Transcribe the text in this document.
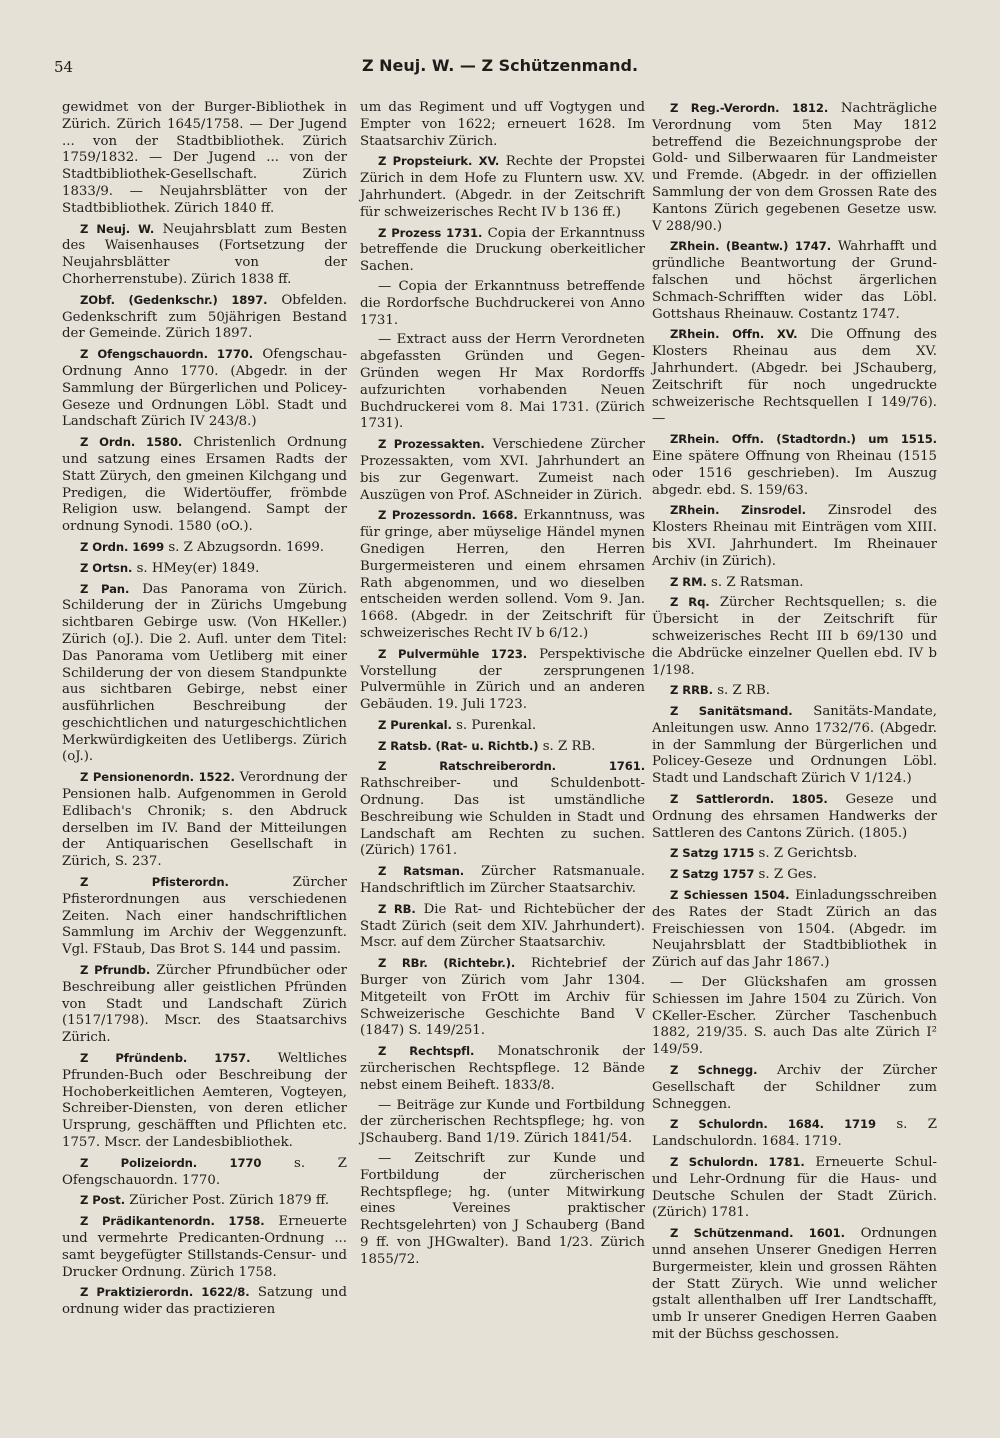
54	Z Neuj. W. — Z Schützenmand.

gewidmet von der Burger-Bibliothek in Zürich. Zürich 1645/1758. — Der Jugend ... von der Stadtbibliothek. Zürich 1759/1832. — Der Jugend ... von der Stadtbibliothek-Gesellschaft. Zürich 1833/9. — Neujahrsblätter von der Stadtbibliothek. Zürich 1840 ff.

Z Neuj. W. Neujahrsblatt zum Besten des Waisenhauses (Fortsetzung der Neujahrsblätter von der Chorherrenstube). Zürich 1838 ff.

ZObf. (Gedenkschr.) 1897. Obfelden. Gedenkschrift zum 50jährigen Bestand der Gemeinde. Zürich 1897.

Z Ofengschauordn. 1770. Ofengschau-Ordnung Anno 1770. (Abgedr. in der Sammlung der Bürgerlichen und Policey-Geseze und Ordnungen Löbl. Stadt und Landschaft Zürich IV 243/8.)

Z Ordn. 1580. Christenlich Ordnung und satzung eines Ersamen Radts der Statt Zürych, den gmeinen Kilchgang und Predigen, die Widertöuffer, frömbde Religion usw. belangend. Sampt der ordnung Synodi. 1580 (oO.).

Z Ordn. 1699 s. Z Abzugsordn. 1699.

Z Ortsn. s. HMey(er) 1849.

Z Pan. Das Panorama von Zürich. Schilderung der in Zürichs Umgebung sichtbaren Gebirge usw. (Von HKeller.) Zürich (oJ.). Die 2. Aufl. unter dem Titel: Das Panorama vom Uetliberg mit einer Schilderung der von diesem Standpunkte aus sichtbaren Gebirge, nebst einer ausführlichen Beschreibung der geschichtlichen und naturgeschichtlichen Merkwürdigkeiten des Uetlibergs. Zürich (oJ.).

Z Pensionenordn. 1522. Verordnung der Pensionen halb. Aufgenommen in Gerold Edlibach's Chronik; s. den Abdruck derselben im IV. Band der Mitteilungen der Antiquarischen Gesellschaft in Zürich, S. 237.

Z Pfisterordn.	Zürcher Pfisterordnungen aus verschiedenen Zeiten. Nach einer handschriftlichen Sammlung im Archiv der Weggenzunft. Vgl. FStaub, Das Brot S. 144 und passim.

Z Pfrundb. Zürcher Pfrundbücher oder Beschreibung aller geistlichen Pfründen von Stadt und Landschaft Zürich (1517/1798). Mscr. des Staatsarchivs Zürich.

Z Pfründenb. 1757. Weltliches Pfrunden-Buch oder Beschreibung der Hochoberkeitlichen Aemteren, Vogteyen, Schreiber-Diensten, von deren etlicher Ursprung, geschäfften und Pflichten etc. 1757. Mscr. der Landesbibliothek.

Z Polizeiordn. 1770 s. Z Ofengschauordn. 1770.

Z Post. Züricher Post. Zürich 1879 ff.

Z Prädikantenordn. 1758. Erneuerte und vermehrte Predicanten-Ordnung ... samt beygefügter Stillstands-Censur- und Drucker Ordnung. Zürich 1758.

Z Praktizierordn. 1622/8. Satzung und ordnung wider das practizieren

um das Regiment und uff Vogtygen und Empter von 1622; erneuert 1628. Im Staatsarchiv Zürich.

Z Propsteiurk. XV. Rechte der Propstei Zürich in dem Hofe zu Fluntern usw. XV. Jahrhundert. (Abgedr. in der Zeitschrift für schweizerisches Recht IV b 136 ff.)

Z Prozess 1731. Copia der Erkanntnuss betreffende die Druckung oberkeitlicher Sachen.

— Copia der Erkanntnuss betreffende die Rordorfsche Buchdruckerei von Anno 1731.

— Extract auss der Herrn Verordneten abgefassten Gründen und Gegen-Gründen wegen Hr Max Rordorffs aufzurichten vorhabenden Neuen Buchdruckerei vom 8. Mai 1731. (Zürich 1731).

Z Prozessakten. Verschiedene Zürcher Prozessakten, vom XVI. Jahrhundert an bis zur Gegenwart. Zumeist nach Auszügen von Prof. ASchneider in Zürich.

Z Prozessordn. 1668. Erkanntnuss, was für gringe, aber müyselige Händel mynen Gnedigen Herren, den Herren Burgermeisteren und einem ehrsamen Rath abgenommen, und wo dieselben entscheiden werden sollend. Vom 9. Jan. 1668. (Abgedr. in der Zeitschrift für schweizerisches Recht IV b 6/12.)

Z Pulvermühle 1723. Perspektivische Vorstellung der zersprungenen Pulvermühle in Zürich und an anderen Gebäuden. 19. Juli 1723.

Z Purenkal. s. Purenkal.

Z Ratsb. (Rat- u. Richtb.) s. Z RB.

Z Ratschreiberordn. 1761. Rathschreiber- und Schuldenbott-Ordnung. Das ist umständliche Beschreibung wie Schulden in Stadt und Landschaft am Rechten zu suchen. (Zürich) 1761.

Z Ratsman. Zürcher Ratsmanuale. Handschriftlich im Zürcher Staatsarchiv.

Z RB. Die Rat- und Richtebücher der Stadt Zürich (seit dem XIV. Jahrhundert). Mscr. auf dem Zürcher Staatsarchiv.

Z RBr. (Richtebr.). Richtebrief der Burger von Zürich vom Jahr 1304. Mitgeteilt von FrOtt im Archiv für Schweizerische Geschichte Band V (1847) S. 149/251.

Z Rechtspfl. Monatschronik der zürcherischen Rechtspflege. 12 Bände nebst einem Beiheft. 1833/8.

— Beiträge zur Kunde und Fortbildung der zürcherischen Rechtspflege; hg. von JSchauberg. Band 1/19. Zürich 1841/54.

— Zeitschrift zur Kunde und Fortbildung der zürcherischen Rechtspflege; hg. (unter Mitwirkung eines Vereines praktischer Rechtsgelehrten) von J Schauberg (Band 9 ff. von JHGwalter). Band 1/23. Zürich 1855/72.

Z Reg.-Verordn. 1812. Nachträgliche Verordnung vom 5ten May 1812 betreffend die Bezeichnungsprobe der Gold- und Silberwaaren für Landmeister und Fremde. (Abgedr. in der offiziellen Sammlung der von dem Grossen Rate des Kantons Zürich gegebenen Gesetze usw. V 288/90.)

ZRhein. (Beantw.) 1747. Wahrhafft und gründliche Beantwortung der Grund-falschen und höchst ärgerlichen Schmach-Schrifften wider das Löbl. Gottshaus Rheinauw. Costantz 1747.

ZRhein. Offn. XV. Die Offnung des Klosters Rheinau aus dem XV. Jahrhundert. (Abgedr. bei JSchauberg, Zeitschrift für noch ungedruckte schweizerische Rechtsquellen I 149/76). —

ZRhein. Offn. (Stadtordn.) um 1515. Eine spätere Offnung von Rheinau (1515 oder 1516 geschrieben). Im Auszug abgedr. ebd. S. 159/63.

ZRhein. Zinsrodel. Zinsrodel des Klosters Rheinau mit Einträgen vom XIII. bis XVI. Jahrhundert. Im Rheinauer Archiv (in Zürich).

Z RM. s. Z Ratsman.

Z Rq. Zürcher Rechtsquellen; s. die Übersicht in der Zeitschrift für schweizerisches Recht III b 69/130 und die Abdrücke einzelner Quellen ebd. IV b 1/198.

Z RRB. s. Z RB.

Z Sanitätsmand. Sanitäts-Mandate, Anleitungen usw. Anno 1732/76. (Abgedr. in der Sammlung der Bürgerlichen und Policey-Geseze und Ordnungen Löbl. Stadt und Landschaft Zürich V 1/124.)

Z Sattlerordn. 1805. Geseze und Ordnung des ehrsamen Handwerks der Sattleren des Cantons Zürich. (1805.)

Z Satzg 1715 s. Z Gerichtsb.

Z Satzg 1757 s. Z Ges.

Z Schiessen 1504. Einladungsschreiben des Rates der Stadt Zürich an das Freischiessen von 1504. (Abgedr. im Neujahrsblatt der Stadtbibliothek in Zürich auf das Jahr 1867.)

— Der Glückshafen am grossen Schiessen im Jahre 1504 zu Zürich. Von CKeller-Escher. Zürcher Taschenbuch 1882, 219/35. S. auch Das alte Zürich I² 149/59.

Z Schnegg. Archiv der Zürcher Gesellschaft der Schildner zum Schneggen.

Z Schulordn. 1684. 1719 s. Z Landschulordn. 1684. 1719.

Z Schulordn. 1781. Erneuerte Schul- und Lehr-Ordnung für die Haus- und Deutsche Schulen der Stadt Zürich. (Zürich) 1781.

Z Schützenmand. 1601. Ordnungen unnd ansehen Unserer Gnedigen Herren Burgermeister, klein und grossen Rähten der Statt Zürych. Wie unnd welicher gstalt allenthalben uff Irer Landtschafft, umb Ir unserer Gnedigen Herren Gaaben mit der Büchss geschossen.
